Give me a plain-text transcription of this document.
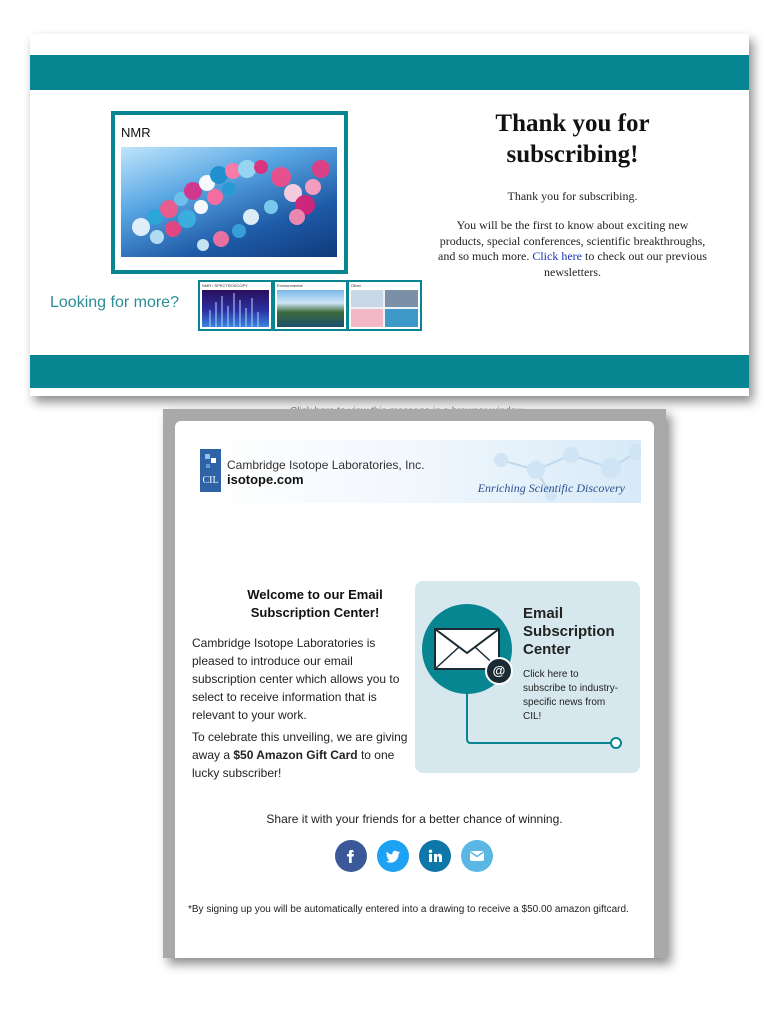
NMR
Looking for more?
NMR / SPECTROSCOPY	Environmental	Other
Thank you for subscribing!
Thank you for subscribing.
You will be the first to know about exciting new products, special conferences, scientific breakthroughs, and so much more. Click here to check out our previous newsletters.
CIL
Cambridge Isotope Laboratories, Inc.
isotope.com
Enriching Scientific Discovery
Welcome to our Email Subscription Center!
Cambridge Isotope Laboratories is pleased to introduce our email subscription center which allows you to select to receive information that is relevant to your work.
To celebrate this unveiling, we are giving away a $50 Amazon Gift Card to one lucky subscriber!
@
Email Subscription Center
Click here to subscribe to industry-specific news from CIL!
Share it with your friends for a better chance of winning.
*By signing up you will be automatically entered into a drawing to receive a $50.00 amazon giftcard.
